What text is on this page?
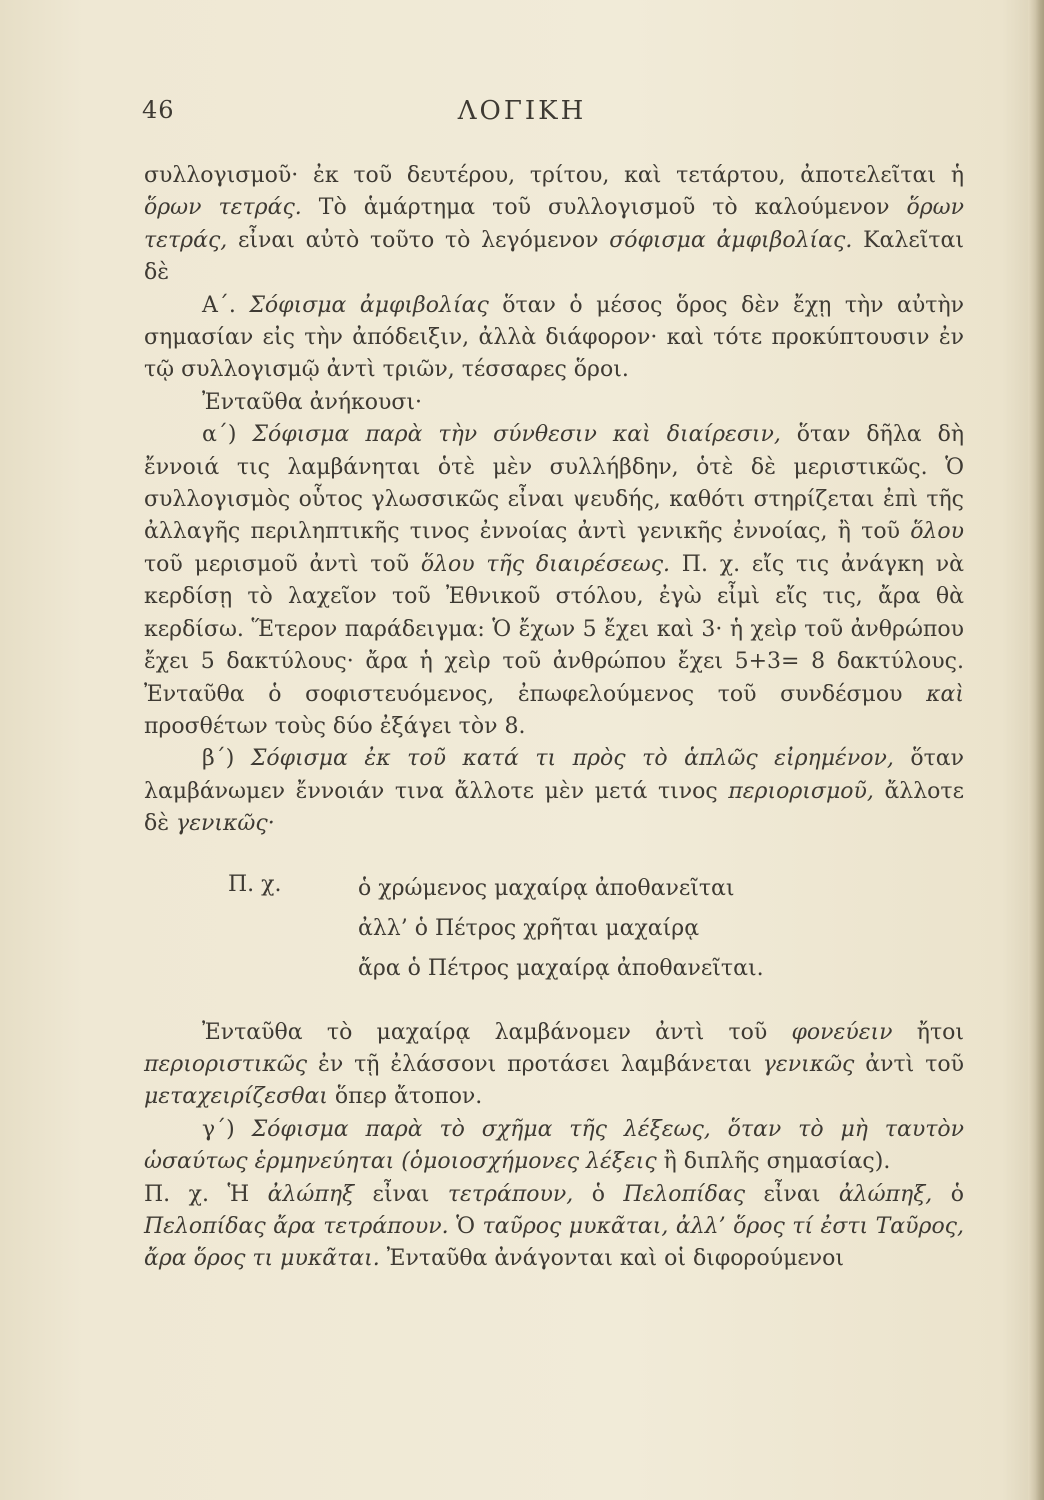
46	ΛΟΓΙΚΗ

συλλογισμοῦ· ἐκ τοῦ δευτέρου, τρίτου, καὶ τετάρτου, ἀποτελεῖται ἡ ὅρων τετράς. Τὸ ἁμάρτημα τοῦ συλλογισμοῦ τὸ καλούμενον ὅρων τετράς, εἶναι αὐτὸ τοῦτο τὸ λεγόμενον σόφισμα ἀμφιβολίας. Καλεῖται δὲ

Α΄. Σόφισμα ἀμφιβολίας ὅταν ὁ μέσος ὅρος δὲν ἔχῃ τὴν αὐτὴν σημασίαν εἰς τὴν ἀπόδειξιν, ἀλλὰ διάφορον· καὶ τότε προκύπτουσιν ἐν τῷ συλλογισμῷ ἀντὶ τριῶν, τέσσαρες ὅροι.

Ἐνταῦθα ἀνήκουσι·

α΄) Σόφισμα παρὰ τὴν σύνθεσιν καὶ διαίρεσιν, ὅταν δῆλα δὴ ἔννοιά τις λαμβάνηται ὁτὲ μὲν συλλήβδην, ὁτὲ δὲ μεριστικῶς. Ὁ συλλογισμὸς οὗτος γλωσσικῶς εἶναι ψευδής, καθότι στηρίζεται ἐπὶ τῆς ἀλλαγῆς περιληπτικῆς τινος ἐννοίας ἀντὶ γενικῆς ἐννοίας, ἢ τοῦ ὅλου τοῦ μερισμοῦ ἀντὶ τοῦ ὅλου τῆς διαιρέσεως. Π. χ. εἴς τις ἀνάγκη νὰ κερδίσῃ τὸ λαχεῖον τοῦ Ἐθνικοῦ στόλου, ἐγὼ εἶμὶ εἴς τις, ἄρα θὰ κερδίσω. Ἕτερον παράδειγμα: Ὁ ἔχων 5 ἔχει καὶ 3· ἡ χεὶρ τοῦ ἀνθρώπου ἔχει 5 δακτύλους· ἄρα ἡ χεὶρ τοῦ ἀνθρώπου ἔχει 5+3= 8 δακτύλους. Ἐνταῦθα ὁ σοφιστευόμενος, ἐπωφελούμενος τοῦ συνδέσμου καὶ προσθέτων τοὺς δύο ἐξάγει τὸν 8.

β΄) Σόφισμα ἐκ τοῦ κατά τι πρὸς τὸ ἁπλῶς εἰρημένον, ὅταν λαμβάνωμεν ἔννοιάν τινα ἄλλοτε μὲν μετά τινος περιορισμοῦ, ἄλλοτε δὲ γενικῶς·

Π. χ.	ὁ χρώμενος μαχαίρᾳ ἀποθανεῖται
ἀλλ’ ὁ Πέτρος χρῆται μαχαίρᾳ
ἄρα ὁ Πέτρος μαχαίρᾳ ἀποθανεῖται.

Ἐνταῦθα τὸ μαχαίρᾳ λαμβάνομεν ἀντὶ τοῦ φονεύειν ἤτοι περιοριστικῶς ἐν τῇ ἐλάσσονι προτάσει λαμβάνεται γενικῶς ἀντὶ τοῦ μεταχειρίζεσθαι ὅπερ ἄτοπον.

γ΄) Σόφισμα παρὰ τὸ σχῆμα τῆς λέξεως, ὅταν τὸ μὴ ταυτὸν ὡσαύτως ἑρμηνεύηται (ὁμοιοσχήμονες λέξεις ἢ διπλῆς σημασίας).

Π. χ. Ἡ ἀλώπηξ εἶναι τετράπουν, ὁ Πελοπίδας εἶναι ἀλώπηξ, ὁ Πελοπίδας ἄρα τετράπουν. Ὁ ταῦρος μυκᾶται, ἀλλ’ ὅρος τί ἐστι Ταῦρος, ἄρα ὅρος τι μυκᾶται. Ἐνταῦθα ἀνάγονται καὶ οἱ διφορούμενοι
